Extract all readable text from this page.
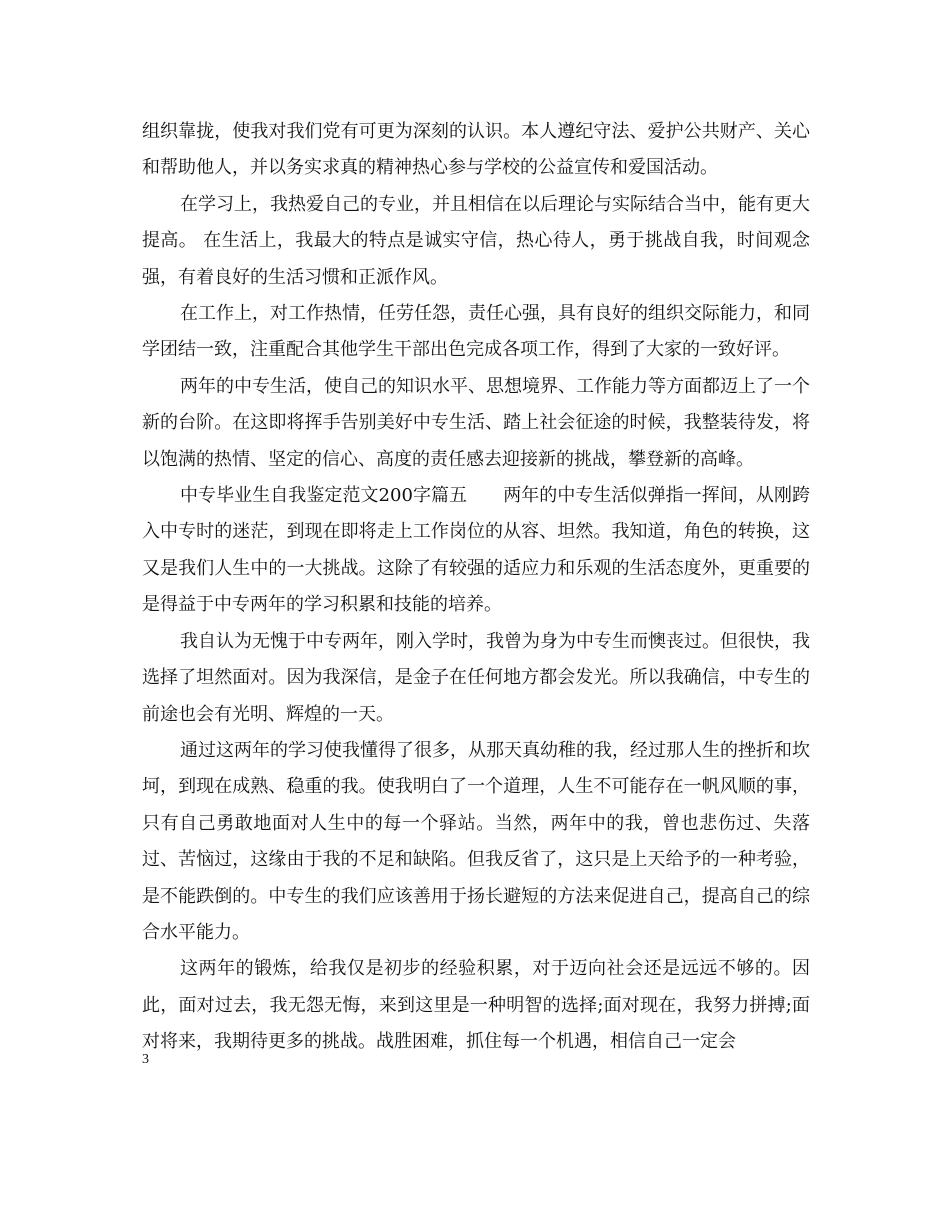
组织靠拢，使我对我们党有可更为深刻的认识。本人遵纪守法、爱护公共财产、关心和帮助他人，并以务实求真的精神热心参与学校的公益宣传和爱国活动。

在学习上，我热爱自己的专业，并且相信在以后理论与实际结合当中，能有更大提高。 在生活上，我最大的特点是诚实守信，热心待人，勇于挑战自我，时间观念强，有着良好的生活习惯和正派作风。

在工作上，对工作热情，任劳任怨，责任心强，具有良好的组织交际能力，和同学团结一致，注重配合其他学生干部出色完成各项工作，得到了大家的一致好评。

两年的中专生活，使自己的知识水平、思想境界、工作能力等方面都迈上了一个新的台阶。在这即将挥手告别美好中专生活、踏上社会征途的时候，我整装待发，将以饱满的热情、坚定的信心、高度的责任感去迎接新的挑战，攀登新的高峰。

中专毕业生自我鉴定范文200字篇五　　两年的中专生活似弹指一挥间，从刚跨入中专时的迷茫，到现在即将走上工作岗位的从容、坦然。我知道，角色的转换，这又是我们人生中的一大挑战。这除了有较强的适应力和乐观的生活态度外，更重要的是得益于中专两年的学习积累和技能的培养。

我自认为无愧于中专两年，刚入学时，我曾为身为中专生而懊丧过。但很快，我选择了坦然面对。因为我深信，是金子在任何地方都会发光。所以我确信，中专生的前途也会有光明、辉煌的一天。

通过这两年的学习使我懂得了很多，从那天真幼稚的我，经过那人生的挫折和坎坷，到现在成熟、稳重的我。使我明白了一个道理，人生不可能存在一帆风顺的事，只有自己勇敢地面对人生中的每一个驿站。当然，两年中的我，曾也悲伤过、失落过、苦恼过，这缘由于我的不足和缺陷。但我反省了，这只是上天给予的一种考验，是不能跌倒的。中专生的我们应该善用于扬长避短的方法来促进自己，提高自己的综合水平能力。

这两年的锻炼，给我仅是初步的经验积累，对于迈向社会还是远远不够的。因此，面对过去，我无怨无悔，来到这里是一种明智的选择;面对现在，我努力拼搏;面对将来，我期待更多的挑战。战胜困难，抓住每一个机遇，相信自己一定会

3
